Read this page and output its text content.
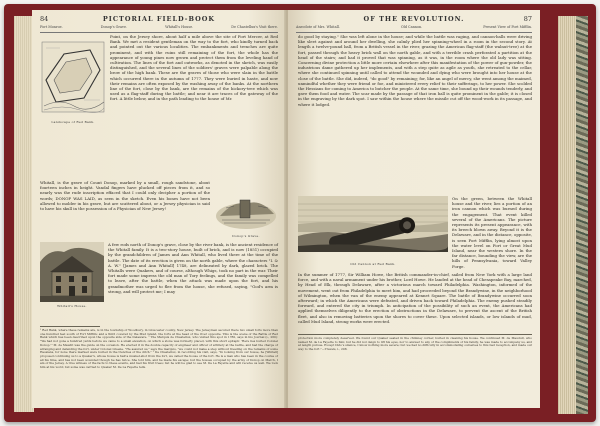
84	PICTORIAL FIELD-BOOK
Fort Monroe.	Donop's Grave.	Whitall's House.	De Chastellux's Visit there.
Point, on the Jersey shore, about half a mile above the site of Fort Mercer, at Red Bank. We met a resident gentleman on the way to the fort, who kindly turned back and pointed out the various localities. The embankments and trenches are quite prominent, and with the ruins still remaining of the fort, the whole has the appearance of young pines now grown and protect them from the leveling hand of cultivation. The lines of the fort and outworks, as denoted in the sketch, was easily distinguished, and the several lines of the soldiers' graves were palpable along the brow of the high bank. These are the graves of those who were slain in the battle which occurred there in the autumn of 1777. They were buried in haste, and now their remains are often exposed by the washing away of the banks. At the northern line of the fort, close by the bank, are the remains of the hickory-tree which was used as a flag-staff during the battle; and near it are traces of the gateway of the fort. A little below, and in the path leading to the house of Mr.
Landscape of Red Bank.
Whitall, is the grave of Count Donop, marked by a small, rough sandstone, about fourteen inches in height. Vandal fingers have plucked off pieces from it, and so nearly was the rude inscription effaced that I could only decipher a portion of the words; DONOP WAS LAID, as seen in the sketch. Even his bones have not been allowed to molder in his grave, but are scattered about, or a Jersey physician is said to have his skull in the possession of a Physician of New Jersey!
Donop's Grave.
Whitall's House.
A few rods north of Donop's grave, close by the river bank, is the ancient residence of the Whitall family. It is a two-story house, built of brick, and is now (1851) occupied by the grandchildren of James and Ann Whitall, who lived there at the time of the battle. The date of its erection is given on the north gable, where the characters "I. & A. W." [James and Ann Whitall] 1748, are delineated by dark, glazed brick. The Whitalls were Quakers, and of course, although Whigs, took no part in the war. Their fort made some impress the old man of Tory feelings, and the family was compelled to leave, after the battle, when the attack was made upon the fort, and his grandmother was urged to flee from the house, she refused, saying, "God's arm is strong, and will protect me; I may
¹ Red Bank, where these remains are, is in the township of Woodbury, in Gloucester county, New Jersey. The Jerseymen secured there two small forts more than one hundred feet south of Fort Mifflin; and a third covered by the Mud Island, the forts at the head of the river opposite. This is the scene of the Battle of Red Bank which has been described upon the opposite side of the Delaware. ² The Marquis de Chastellux, who visited this spot in 1780, says in his Journal (i., 260): "We had not gone a hundred yards before we came to a small elevation, on which a stone was formerly placed, with this short epitaph: 'Here lies buried Colonel Donop.'" M. de Maudit was the guide on the occasion. He erected it in the double capacity of engineer and officer of artillery at the battle, and had the charge of arranging and defending the fort, under Colonel Greene. "He assured us," says the marquis, "we could not make a step without treading on the remains of some Hessians, for none there marked were buried in the trenches of the ditch." ³ De Chastellux, in recording his visit, says, "In looking from our house, he [Whitall] proposed continuing us to a Quaker's, whose house is half a musket-shot from the fort, we called the house of the fort. He is a man who has been in the course of all his time, and has not been wounded though he has twice. She told him, and he made his escape; but the houses occupied by the army of Donop on March, I am of the Jersey. A true witness of the facts to these events, and had his fruit trees; but he will be glad to see M. De La Fayette and will receive us well. We took him at his word; but some was carried to Quaker M. De La Fayette tells.
OF THE REVOLUTION.	87
Anecdote of Mrs. Whitall.	Old Cannon.	Present View of Fort Mifflin.
do good by staying." She was left alone in the house; and while the battle was raging, and cannon-balls were driving like sleet against and around her dwelling, she calmly plied her spinning-wheel in a room in the second story. At length a twelve-pound ball, from a British vessel in the river, grazing the American flag-staff (the walnut-tree) at the fort, passed through the heavy brick wall on the north gable, and with a terrible crash perforated a partition at the head of the stairs; and had it proved that was spinning, as it was, in the room where the old lady was sitting. Concerning divine protection a little more certain elsewhere after this manifestation of the power of gun-powder, the industrious dame gathered up her implements, and with a step quite as agile as youth, she retreated to the cellar, where she continued spinning until called to attend the wounded and dying who were brought into her house at the close of the battle. She did, indeed, "do good" by remaining; for, like an angel of mercy, she went among the maimed, unmindful whether they were friend or foe, and ministered every relief to their sufferings, to her power. She scolded the Hessians for coming to America to butcher the people. At the same time, she bound up their wounds tenderly, and gave them food and water. The scar made by the passage of that iron ball is quite prominent in the gable; it is closed in the engraving by the dark spot. I saw within the house where the missile cut off the wood-work in its passage, and where it lodged.
Old Cannon at Red Bank.
On the green, between the Whitall house and the river, lies a portion of an iron cannon which was burned during the engagement. That event killed several of the Americans. The picture represents its present appearance, with its breech blown away. Beyond it is the Delaware, and in the distance, opposite, is seen Fort Mifflin, lying almost upon the water level on Fort or Great Mud Island, near the western shore. In the far distance, bounding the view, are the hills of Pennsylvania, toward Valley Forge.
In the summer of 1777, Sir William Howe, the British commander-in-chief, sailed from New York with a large land force, and with a naval armament under his brother, Lord Howe. He landed at the head of Chesapeake Bay, marched, by Head of Elk, through Delaware, after a victorious march toward Philadelphia. Washington, informed of the movement, went out from Philadelphia to meet him, and had proceeded beyond the Brandywine, in the neighborhood of Wilmington, when the van of the enemy appeared at Kennet Square. The battle of Brandywine occurred soon afterward; in which the Americans were defeated, and driven back toward Philadelphia. The enemy pushed steadily forward, and entered the city in triumph. In anticipation of the possibility of such an event, the Americans had applied themselves diligently to the erection of obstructions in the Delaware, to prevent the ascent of the British fleet, and also in removing batteries upon the shores to cover these. Upon selected islands, or low islands of mud, called Mud Island, strong works were erected.
protection more completely deserved. We found our Quaker seated in the chimney corner, buried in cleaning his house. We continued M. de Mauduit, who named M. de La Fayette to him; but he did not deign to lift his eyes, nor to answer to any of the compliments of his family, he was made to accompany us, and at length pursue. Except Dido's silence, I know nothing more severe; but we had no difficulty in accommodating ourselves to this bad reception, and made our way to the fort."—Travels, i., 208.
